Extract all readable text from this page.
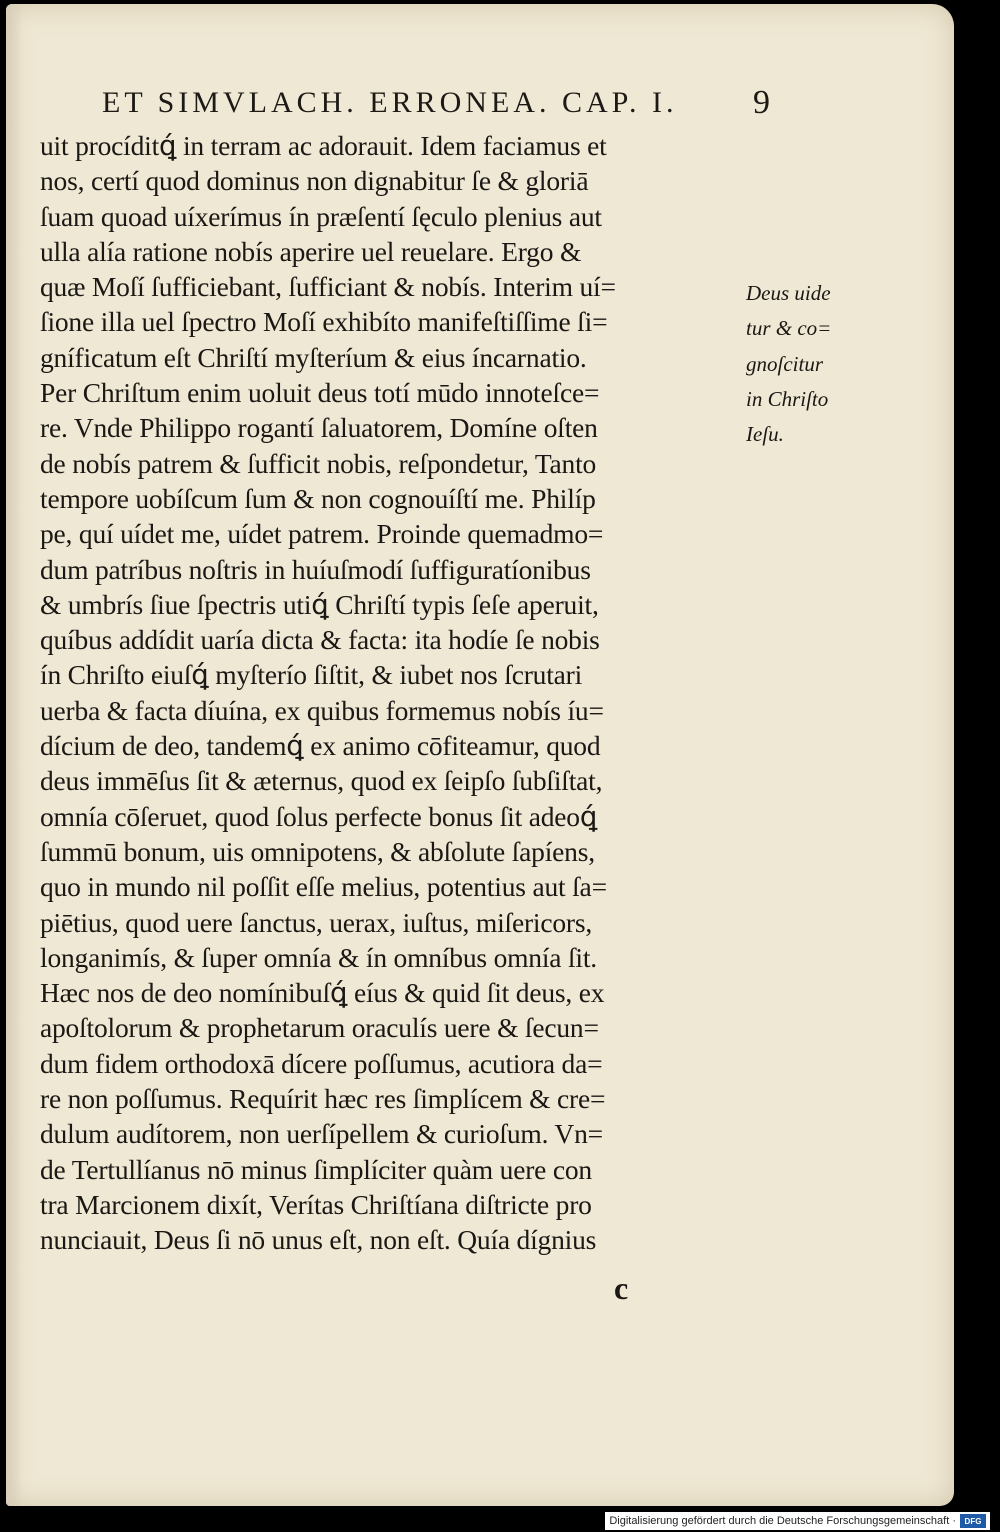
ET SIMVLACH. ERRONEA. CAP. I. 9
uit procíditꝗ́ in terram ac adorauit. Idem faciamus et
nos, certí quod dominus non dignabitur ſe & gloriā
ſuam quoad uíxerímus ín præſentí ſęculo plenius aut
ulla alía ratione nobís aperire uel reuelare. Ergo &
quæ Moſí ſufficiebant, ſufficiant & nobís. Interim uí=
ſione illa uel ſpectro Moſí exhibíto manifeſtiſſime ſi=
gníficatum eſt Chriſtí myſteríum & eius íncarnatio.
Per Chriſtum enim uoluit deus totí mūdo innoteſce=
re. Vnde Philippo rogantí ſaluatorem, Domíne oſten
de nobís patrem & ſufficit nobis, reſpondetur, Tanto
tempore uobíſcum ſum & non cognouíſtí me. Philíp
pe, quí uídet me, uídet patrem. Proinde quemadmo=
dum patríbus noſtris in huíuſmodí ſuffiguratíonibus
& umbrís ſiue ſpectris utiꝗ́ Chriſtí typis ſeſe aperuit,
quíbus addídit uaría dicta & facta: ita hodíe ſe nobis
ín Chriſto eiuſꝗ́ myſterío ſiſtit, & iubet nos ſcrutari
uerba & facta díuína, ex quibus formemus nobís íu=
dícium de deo, tandemꝗ́ ex animo cōfiteamur, quod
deus immēſus ſit & æternus, quod ex ſeipſo ſubſiſtat,
omnía cōſeruet, quod ſolus perfecte bonus ſit adeoꝗ́
ſummū bonum, uis omnipotens, & abſolute ſapíens,
quo in mundo nil poſſit eſſe melius, potentius aut ſa=
piētius, quod uere ſanctus, uerax, iuſtus, miſericors,
longanimís, & ſuper omnía & ín omníbus omnía ſit.
Hæc nos de deo nomínibuſꝗ́ eíus & quid ſit deus, ex
apoſtolorum & prophetarum oraculís uere & ſecun=
dum fidem orthodoxā dícere poſſumus, acutiora da=
re non poſſumus. Requírit hæc res ſimplícem & cre=
dulum audítorem, non uerſípellem & curioſum. Vn=
de Tertullíanus nō minus ſimplíciter quàm uere con
tra Marcionem dixít, Verítas Chriſtíana diſtricte pro
nunciauit, Deus ſi nō unus eſt, non eſt. Quía dígnius
Deus uide
tur & co=
gnoſcitur
in Chriſto
Ieſu.
c
Digitalisierung gefördert durch die Deutsche Forschungsgemeinschaft ·	DFG
